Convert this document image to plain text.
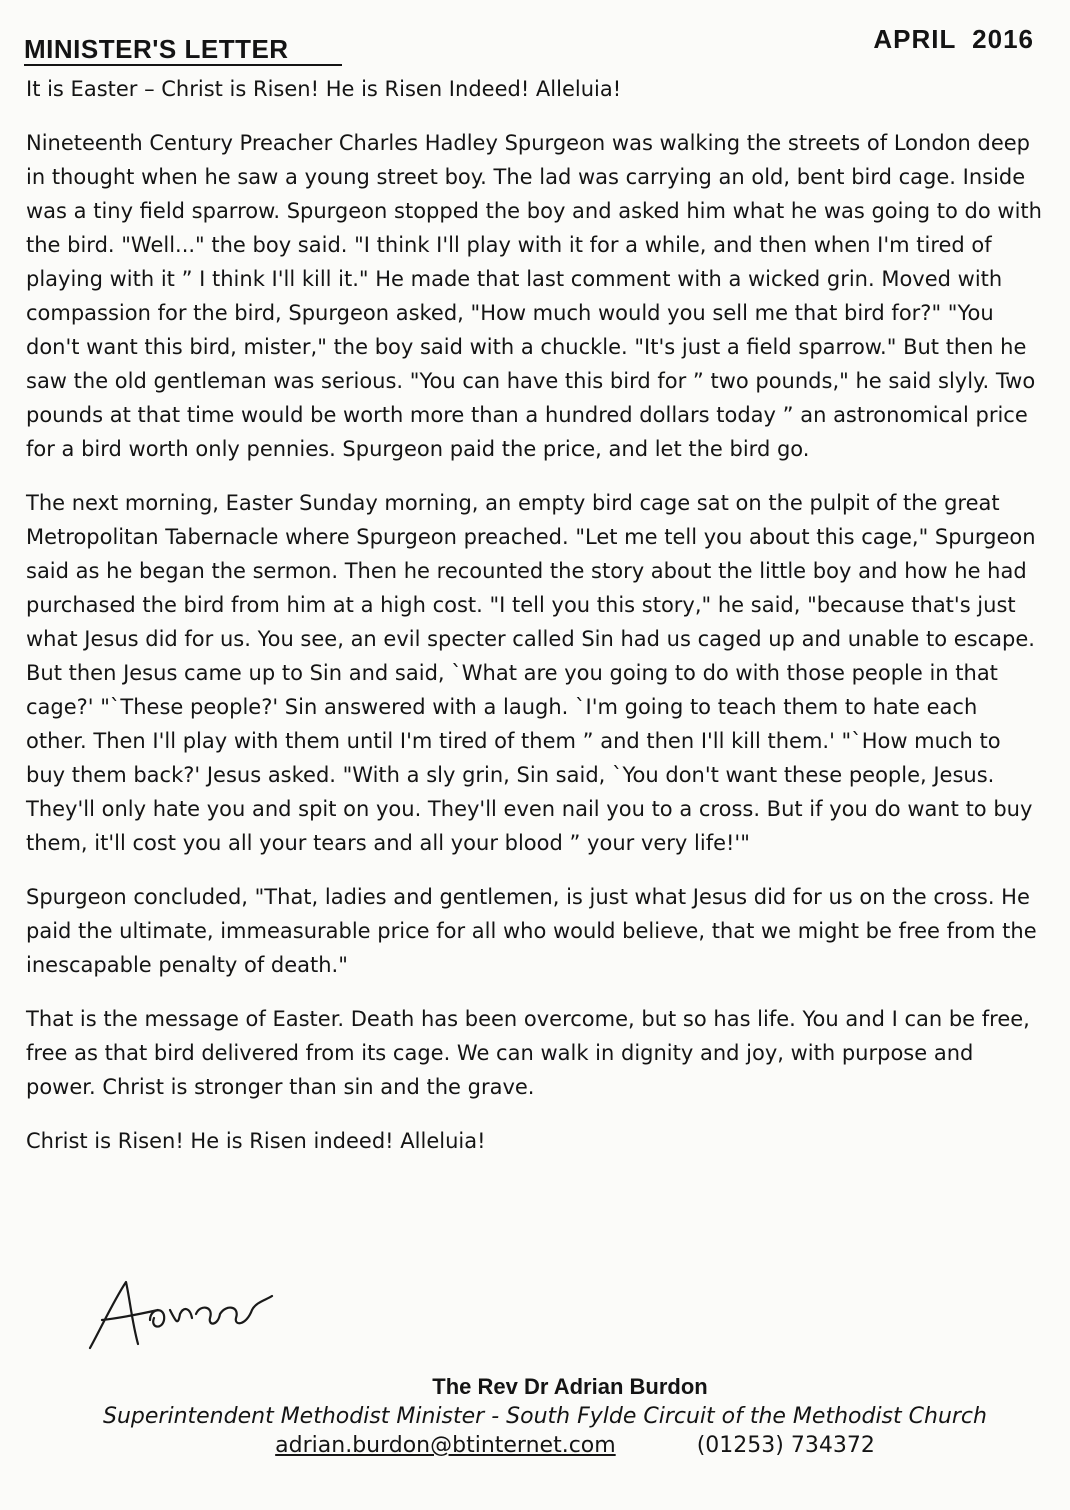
MINISTER'S LETTER	APRIL 2016

It is Easter – Christ is Risen! He is Risen Indeed! Alleluia!

Nineteenth Century Preacher Charles Hadley Spurgeon was walking the streets of London deep in thought when he saw a young street boy. The lad was carrying an old, bent bird cage. Inside was a tiny field sparrow. Spurgeon stopped the boy and asked him what he was going to do with the bird. "Well..." the boy said. "I think I'll play with it for a while, and then when I'm tired of playing with it ” I think I'll kill it." He made that last comment with a wicked grin. Moved with compassion for the bird, Spurgeon asked, "How much would you sell me that bird for?" "You don't want this bird, mister," the boy said with a chuckle. "It's just a field sparrow." But then he saw the old gentleman was serious. "You can have this bird for ” two pounds," he said slyly. Two pounds at that time would be worth more than a hundred dollars today ” an astronomical price for a bird worth only pennies. Spurgeon paid the price, and let the bird go.

The next morning, Easter Sunday morning, an empty bird cage sat on the pulpit of the great Metropolitan Tabernacle where Spurgeon preached. "Let me tell you about this cage," Spurgeon said as he began the sermon. Then he recounted the story about the little boy and how he had purchased the bird from him at a high cost. "I tell you this story," he said, "because that's just what Jesus did for us. You see, an evil specter called Sin had us caged up and unable to escape. But then Jesus came up to Sin and said, `What are you going to do with those people in that cage?' "`These people?' Sin answered with a laugh. `I'm going to teach them to hate each other. Then I'll play with them until I'm tired of them ” and then I'll kill them.' "`How much to buy them back?' Jesus asked. "With a sly grin, Sin said, `You don't want these people, Jesus. They'll only hate you and spit on you. They'll even nail you to a cross. But if you do want to buy them, it'll cost you all your tears and all your blood ” your very life!'"

Spurgeon concluded, "That, ladies and gentlemen, is just what Jesus did for us on the cross. He paid the ultimate, immeasurable price for all who would believe, that we might be free from the inescapable penalty of death."

That is the message of Easter. Death has been overcome, but so has life. You and I can be free, free as that bird delivered from its cage. We can walk in dignity and joy, with purpose and power. Christ is stronger than sin and the grave.

Christ is Risen! He is Risen indeed! Alleluia!

The Rev Dr Adrian Burdon
Superintendent Methodist Minister - South Fylde Circuit of the Methodist Church
adrian.burdon@btinternet.com	(01253) 734372
